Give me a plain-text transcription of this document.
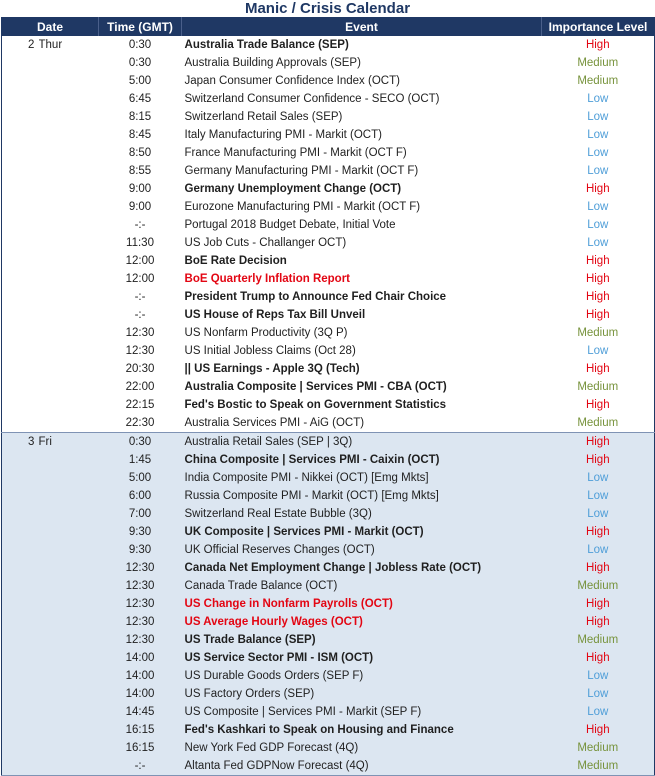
Manic / Crisis Calendar
Date		Time (GMT)	Event	Importance Level
2	Thur	0:30	Australia Trade Balance (SEP)	High
		0:30	Australia Building Approvals (SEP)	Medium
		5:00	Japan Consumer Confidence Index (OCT)	Medium
		6:45	Switzerland Consumer Confidence - SECO (OCT)	Low
		8:15	Switzerland Retail Sales (SEP)	Low
		8:45	Italy Manufacturing PMI - Markit (OCT)	Low
		8:50	France Manufacturing PMI - Markit (OCT F)	Low
		8:55	Germany Manufacturing PMI - Markit (OCT F)	Low
		9:00	Germany Unemployment Change (OCT)	High
		9:00	Eurozone Manufacturing PMI - Markit (OCT F)	Low
		-:-	Portugal 2018 Budget Debate, Initial Vote	Low
		11:30	US Job Cuts - Challanger OCT)	Low
		12:00	BoE Rate Decision	High
		12:00	BoE Quarterly Inflation Report	High
		-:-	President Trump to Announce Fed Chair Choice	High
		-:-	US House of Reps Tax Bill Unveil	High
		12:30	US Nonfarm Productivity (3Q P)	Medium
		12:30	US Initial Jobless Claims (Oct 28)	Low
		20:30	|| US Earnings - Apple 3Q (Tech)	High
		22:00	Australia Composite | Services PMI - CBA (OCT)	Medium
		22:15	Fed's Bostic to Speak on Government Statistics	High
		22:30	Australia Services PMI - AiG (OCT)	Medium
3	Fri	0:30	Australia Retail Sales (SEP | 3Q)	High
		1:45	China Composite | Services PMI - Caixin (OCT)	High
		5:00	India Composite PMI - Nikkei (OCT) [Emg Mkts]	Low
		6:00	Russia Composite PMI - Markit (OCT) [Emg Mkts]	Low
		7:00	Switzerland Real Estate Bubble (3Q)	Low
		9:30	UK Composite | Services PMI - Markit (OCT)	High
		9:30	UK Official Reserves Changes (OCT)	Low
		12:30	Canada Net Employment Change | Jobless Rate (OCT)	High
		12:30	Canada Trade Balance (OCT)	Medium
		12:30	US Change in Nonfarm Payrolls (OCT)	High
		12:30	US Average Hourly Wages (OCT)	High
		12:30	US Trade Balance (SEP)	Medium
		14:00	US Service Sector PMI - ISM (OCT)	High
		14:00	US Durable Goods Orders (SEP F)	Low
		14:00	US Factory Orders (SEP)	Low
		14:45	US Composite | Services PMI - Markit (SEP F)	Low
		16:15	Fed's Kashkari to Speak on Housing and Finance	High
		16:15	New York Fed GDP Forecast (4Q)	Medium
		-:-	Altanta Fed GDPNow Forecast (4Q)	Medium
